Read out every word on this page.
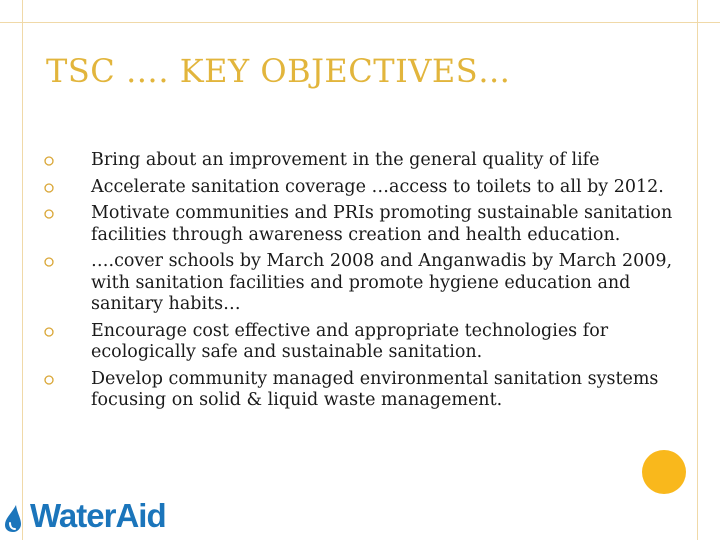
TSC …. KEY OBJECTIVES…
Bring about an improvement in the general quality of life
Accelerate sanitation coverage …access to toilets to all by 2012.
Motivate communities and PRIs promoting sustainable sanitation facilities through awareness creation and health education.
….cover schools by March 2008 and Anganwadis by March 2009, with sanitation facilities and promote hygiene education and sanitary habits…
Encourage cost effective and appropriate technologies for ecologically safe and sustainable sanitation.
Develop community managed environmental sanitation systems focusing on solid & liquid waste management.
WaterAid
